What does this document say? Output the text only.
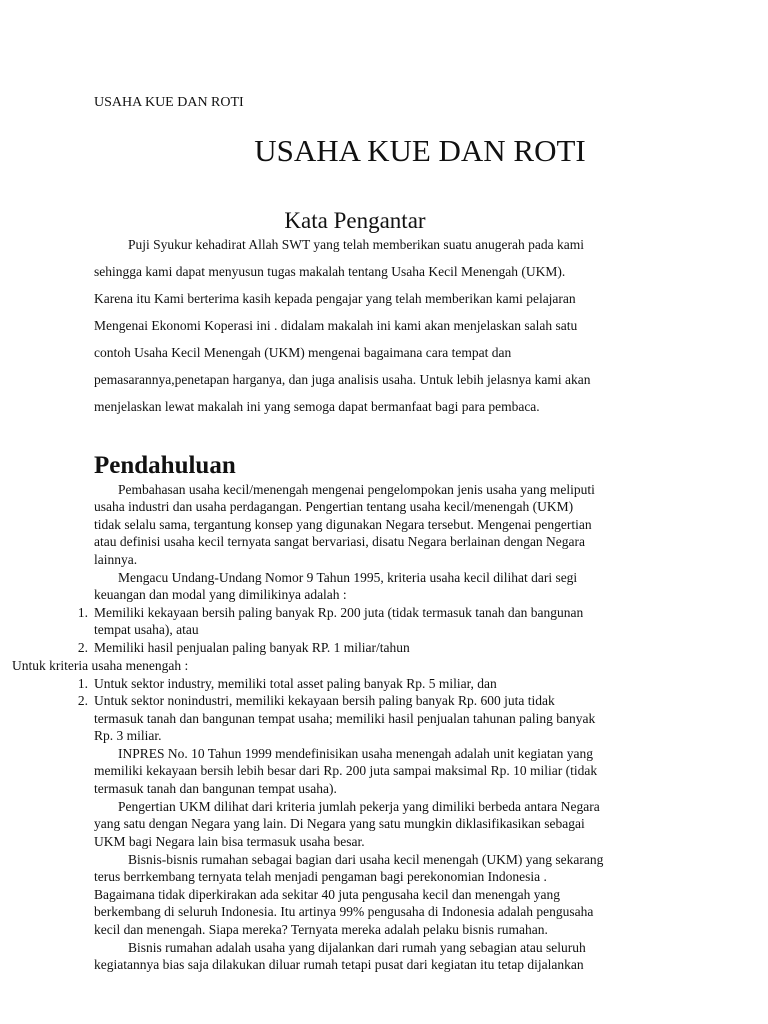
USAHA KUE DAN ROTI
USAHA KUE DAN ROTI
Kata Pengantar
Puji Syukur kehadirat Allah SWT yang telah memberikan suatu anugerah pada kami
sehingga kami dapat menyusun tugas makalah tentang Usaha Kecil Menengah (UKM).
Karena itu Kami berterima kasih kepada pengajar yang telah memberikan kami pelajaran
Mengenai Ekonomi Koperasi ini . didalam makalah ini kami akan menjelaskan salah satu
contoh Usaha Kecil Menengah (UKM) mengenai bagaimana cara tempat dan
pemasarannya,penetapan harganya, dan juga analisis usaha. Untuk lebih jelasnya kami akan
menjelaskan lewat makalah ini yang semoga dapat bermanfaat bagi para pembaca.
Pendahuluan
Pembahasan usaha kecil/menengah mengenai pengelompokan jenis usaha yang meliputi
usaha industri dan usaha perdagangan. Pengertian tentang usaha kecil/menengah (UKM)
tidak selalu sama, tergantung konsep yang digunakan Negara tersebut. Mengenai pengertian
atau definisi usaha kecil ternyata sangat bervariasi, disatu Negara berlainan dengan Negara
lainnya.
Mengacu Undang-Undang Nomor 9 Tahun 1995, kriteria usaha kecil dilihat dari segi
keuangan dan modal yang dimilikinya adalah :
1. Memiliki kekayaan bersih paling banyak Rp. 200 juta (tidak termasuk tanah dan bangunan
tempat usaha), atau
2. Memiliki hasil penjualan paling banyak RP. 1 miliar/tahun
Untuk kriteria usaha menengah :
1. Untuk sektor industry, memiliki total asset paling banyak Rp. 5 miliar, dan
2. Untuk sektor nonindustri, memiliki kekayaan bersih paling banyak Rp. 600 juta tidak
termasuk tanah dan bangunan tempat usaha; memiliki hasil penjualan tahunan paling banyak
Rp. 3 miliar.
INPRES No. 10 Tahun 1999 mendefinisikan usaha menengah adalah unit kegiatan yang
memiliki kekayaan bersih lebih besar dari Rp. 200 juta sampai maksimal Rp. 10 miliar (tidak
termasuk tanah dan bangunan tempat usaha).
Pengertian UKM dilihat dari kriteria jumlah pekerja yang dimiliki berbeda antara Negara
yang satu dengan Negara yang lain. Di Negara yang satu mungkin diklasifikasikan sebagai
UKM bagi Negara lain bisa termasuk usaha besar.
Bisnis-bisnis rumahan sebagai bagian dari usaha kecil menengah (UKM) yang sekarang
terus berrkembang ternyata telah menjadi pengaman bagi perekonomian Indonesia .
Bagaimana tidak diperkirakan ada sekitar 40 juta pengusaha kecil dan menengah yang
berkembang di seluruh Indonesia. Itu artinya 99% pengusaha di Indonesia adalah pengusaha
kecil dan menengah. Siapa mereka? Ternyata mereka adalah pelaku bisnis rumahan.
Bisnis rumahan adalah usaha yang dijalankan dari rumah yang sebagian atau seluruh
kegiatannya bias saja dilakukan diluar rumah tetapi pusat dari kegiatan itu tetap dijalankan
